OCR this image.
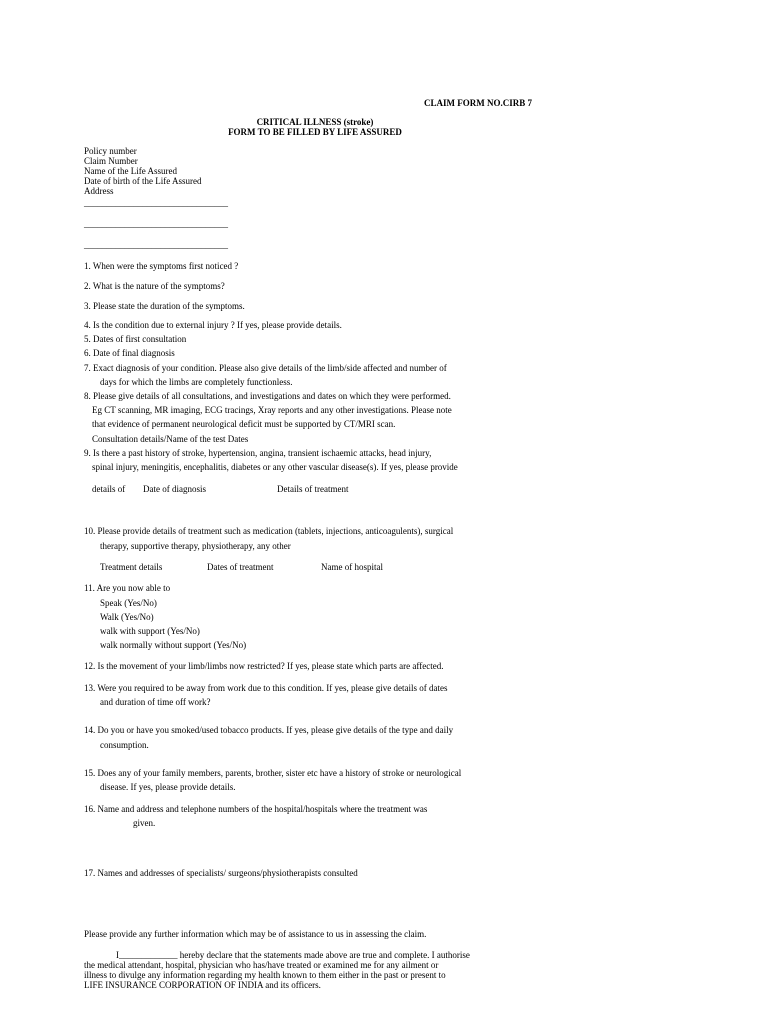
CLAIM FORM NO.CIRB 7
CRITICAL ILLNESS (stroke)
FORM TO BE FILLED BY LIFE ASSURED
Policy number
Claim Number
Name of the Life Assured
Date of birth of the Life Assured
Address
________________________________
________________________________
________________________________
1. When were the symptoms first noticed ?
2. What is the nature of the symptoms?
3. Please state the duration of the symptoms.
4. Is the condition due to external injury ? If yes, please provide details.
5. Dates of first consultation
6. Date of final diagnosis
7. Exact diagnosis of your condition. Please also give details of the limb/side affected and number of
days for which the limbs are completely functionless.
8. Please give details of all consultations, and investigations and dates on which they were performed.
Eg CT scanning, MR imaging, ECG tracings, Xray reports and any other investigations. Please note
that evidence of permanent neurological deficit must be supported by CT/MRI scan.
Consultation details/Name of the test Dates
9. Is there a past history of stroke, hypertension, angina, transient ischaemic attacks, head injury,
spinal injury, meningitis, encephalitis, diabetes or any other vascular disease(s). If yes, please provide
details of Date of diagnosis	Details of treatment
10. Please provide details of treatment such as medication (tablets, injections, anticoagulents), surgical
therapy, supportive therapy, physiotherapy, any other
Treatment details	Dates of treatment	Name of hospital
11. Are you now able to
Speak (Yes/No)
Walk (Yes/No)
walk with support (Yes/No)
walk normally without support (Yes/No)
12. Is the movement of your limb/limbs now restricted? If yes, please state which parts are affected.
13. Were you required to be away from work due to this condition. If yes, please give details of dates
and duration of time off work?
14. Do you or have you smoked/used tobacco products. If yes, please give details of the type and daily
consumption.
15. Does any of your family members, parents, brother, sister etc have a history of stroke or neurological
disease. If yes, please provide details.
16. Name and address and telephone numbers of the hospital/hospitals where the treatment was
given.
17. Names and addresses of specialists/ surgeons/physiotherapists consulted
Please provide any further information which may be of assistance to us in assessing the claim.
I_____________ hereby declare that the statements made above are true and complete. I authorise
the medical attendant, hospital, physician who has/have treated or examined me for any ailment or
illness to divulge any information regarding my health known to them either in the past or present to
LIFE INSURANCE CORPORATION OF INDIA and its officers.
